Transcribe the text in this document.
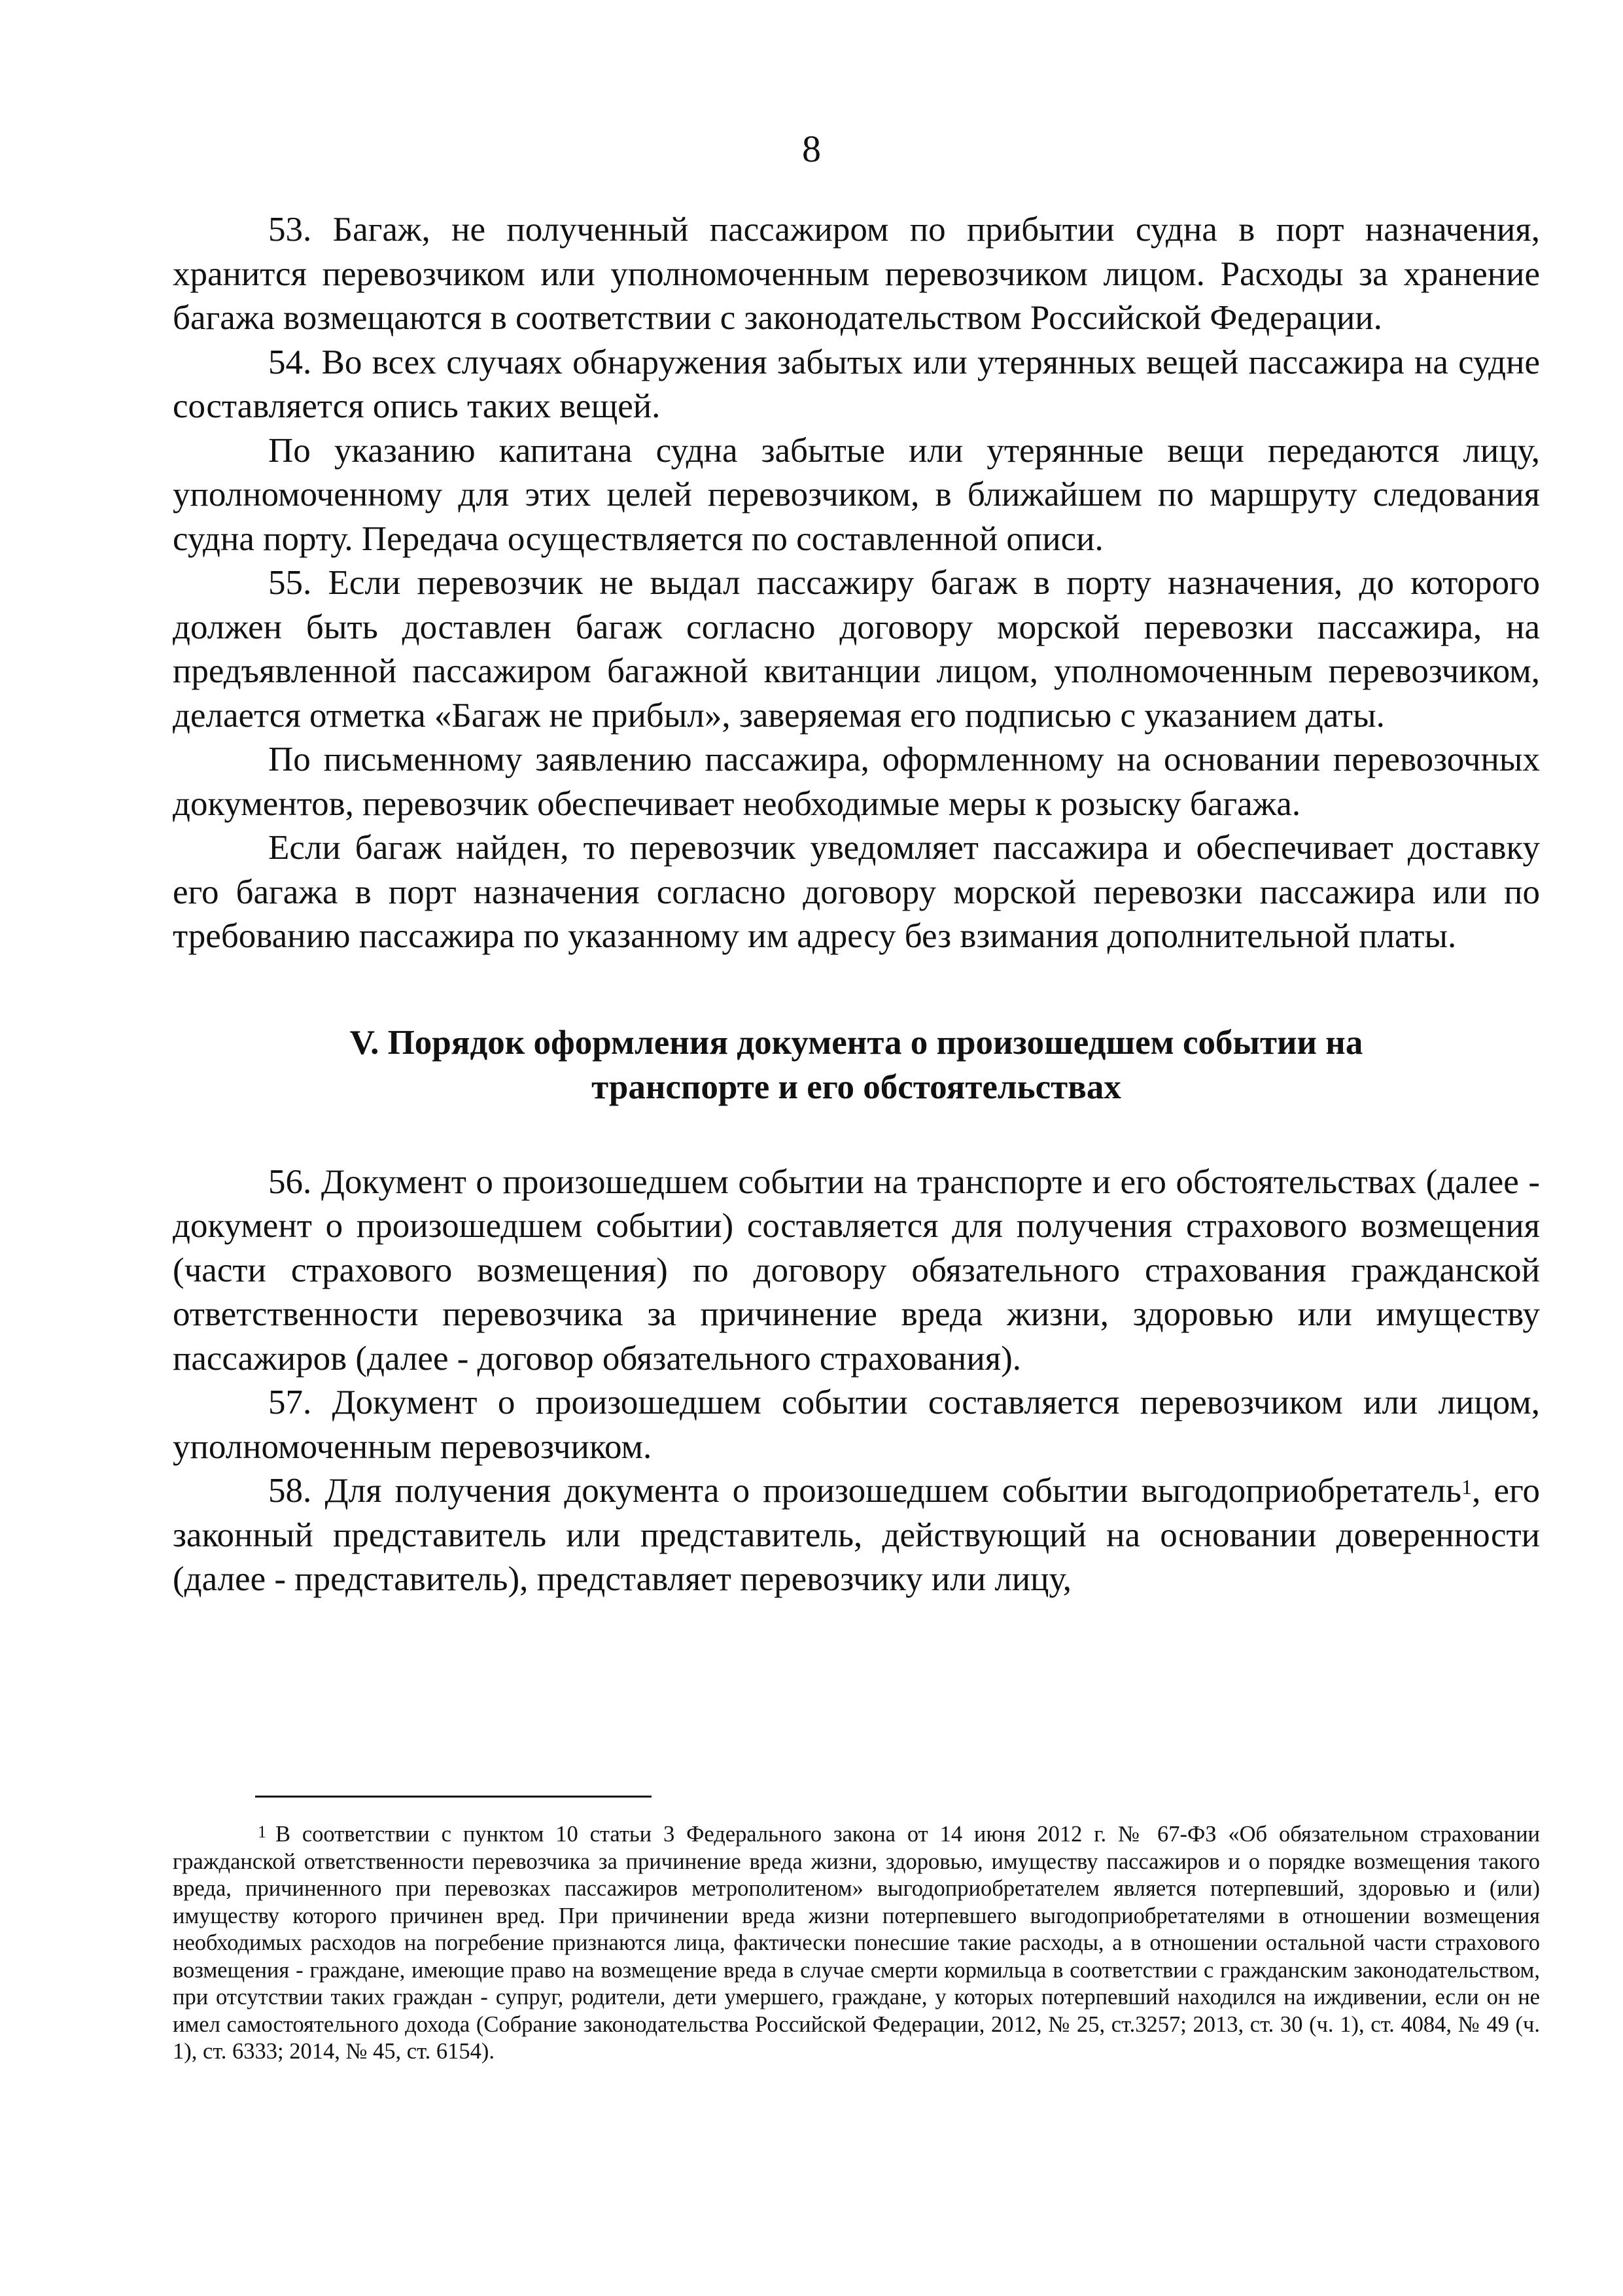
8

53. Багаж, не полученный пассажиром по прибытии судна в порт назначения, хранится перевозчиком или уполномоченным перевозчиком лицом. Расходы за хранение багажа возмещаются в соответствии с законодательством Российской Федерации.

54. Во всех случаях обнаружения забытых или утерянных вещей пассажира на судне составляется опись таких вещей.

По указанию капитана судна забытые или утерянные вещи передаются лицу, уполномоченному для этих целей перевозчиком, в ближайшем по маршруту следования судна порту. Передача осуществляется по составленной описи.

55. Если перевозчик не выдал пассажиру багаж в порту назначения, до которого должен быть доставлен багаж согласно договору морской перевозки пассажира, на предъявленной пассажиром багажной квитанции лицом, уполномоченным перевозчиком, делается отметка «Багаж не прибыл», заверяемая его подписью с указанием даты.

По письменному заявлению пассажира, оформленному на основании перевозочных документов, перевозчик обеспечивает необходимые меры к розыску багажа.

Если багаж найден, то перевозчик уведомляет пассажира и обеспечивает доставку его багажа в порт назначения согласно договору морской перевозки пассажира или по требованию пассажира по указанному им адресу без взимания дополнительной платы.

V. Порядок оформления документа о произошедшем событии на транспорте и его обстоятельствах

56. Документ о произошедшем событии на транспорте и его обстоятельствах (далее - документ о произошедшем событии) составляется для получения страхового возмещения (части страхового возмещения) по договору обязательного страхования гражданской ответственности перевозчика за причинение вреда жизни, здоровью или имуществу пассажиров (далее - договор обязательного страхования).

57. Документ о произошедшем событии составляется перевозчиком или лицом, уполномоченным перевозчиком.

58. Для получения документа о произошедшем событии выгодоприобретатель$^1$, его законный представитель или представитель, действующий на основании доверенности (далее - представитель), представляет перевозчику или лицу,

$^1$ В соответствии с пунктом 10 статьи 3 Федерального закона от 14 июня 2012 г. № 67-ФЗ «Об обязательном страховании гражданской ответственности перевозчика за причинение вреда жизни, здоровью, имуществу пассажиров и о порядке возмещения такого вреда, причиненного при перевозках пассажиров метрополитеном» выгодоприобретателем является потерпевший, здоровью и (или) имуществу которого причинен вред. При причинении вреда жизни потерпевшего выгодоприобретателями в отношении возмещения необходимых расходов на погребение признаются лица, фактически понесшие такие расходы, а в отношении остальной части страхового возмещения - граждане, имеющие право на возмещение вреда в случае смерти кормильца в соответствии с гражданским законодательством, при отсутствии таких граждан - супруг, родители, дети умершего, граждане, у которых потерпевший находился на иждивении, если он не имел самостоятельного дохода (Собрание законодательства Российской Федерации, 2012, № 25, ст.3257; 2013, ст. 30 (ч. 1), ст. 4084, № 49 (ч. 1), ст. 6333; 2014, № 45, ст. 6154).
